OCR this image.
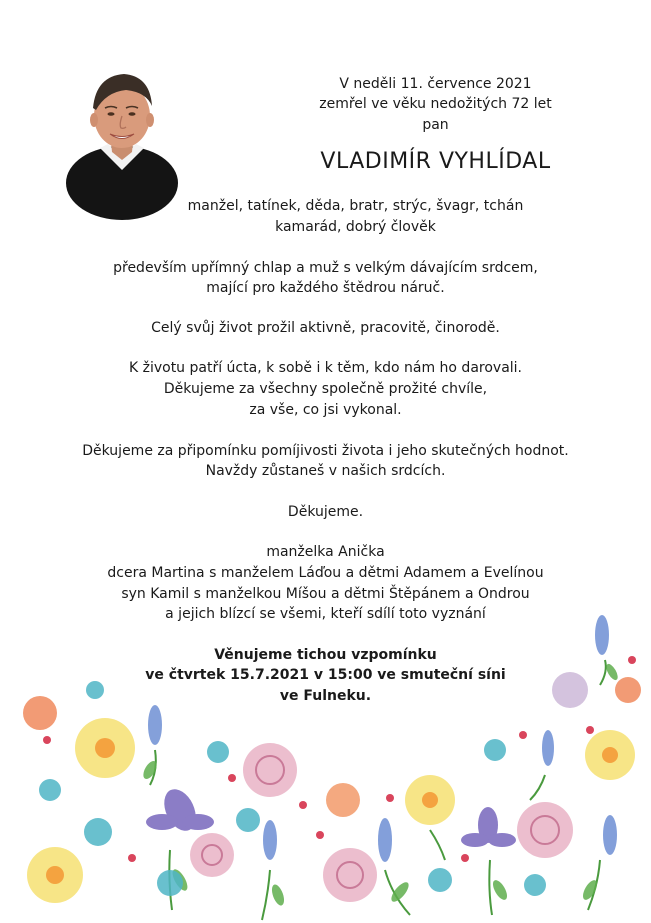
V neděli 11. července 2021
zemřel ve věku nedožitých 72 let
pan
VLADIMÍR VYHLÍDAL
manžel, tatínek, děda, bratr, strýc, švagr, tchán
kamarád, dobrý člověk
především upřímný chlap a muž s velkým dávajícím srdcem,
mající pro každého štědrou náruč.
Celý svůj život prožil aktivně, pracovitě, činorodě.
K životu patří úcta, k sobě i k těm, kdo nám ho darovali.
Děkujeme za všechny společně prožité chvíle,
za vše, co jsi vykonal.
Děkujeme za připomínku pomíjivosti života i jeho skutečných hodnot.
Navždy zůstaneš v našich srdcích.
Děkujeme.
manželka Anička
dcera Martina s manželem Láďou a dětmi Adamem a Evelínou
syn Kamil s manželkou Míšou a dětmi Štěpánem a Ondrou
a jejich blízcí se všemi, kteří sdílí toto vyznání
Věnujeme tichou vzpomínku
ve čtvrtek 15.7.2021 v 15:00 ve smuteční síni
ve Fulneku.
